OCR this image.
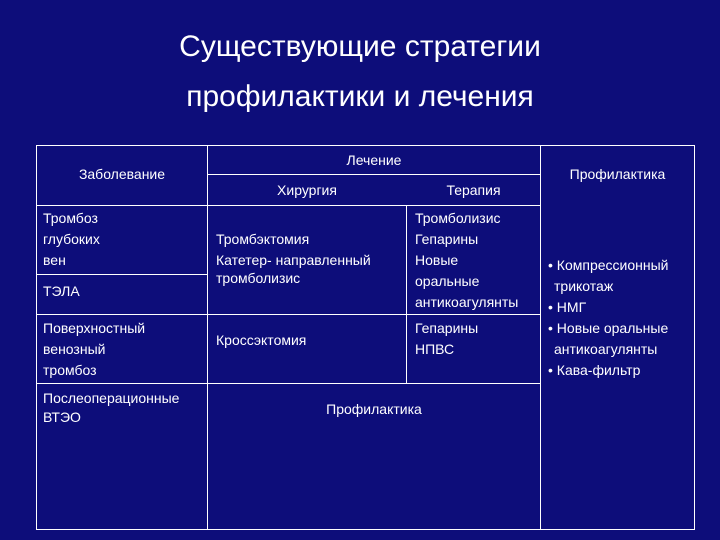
Существующие стратегии
профилактики и лечения
Заболевание
Лечение
Хирургия	Терапия
Профилактика
Тромбоз
глубоких
вен
Тромбэктомия
Катетер- направленный
тромболизис
Тромболизис
Гепарины
Новые
оральные
антикоагулянты
ТЭЛА
Поверхностный
венозный
тромбоз
Кроссэктомия
Гепарины
НПВС
Послеоперационные
ВТЭО	Профилактика
• Компрессионный
трикотаж
• НМГ
• Новые оральные
антикоагулянты
• Кава-фильтр
